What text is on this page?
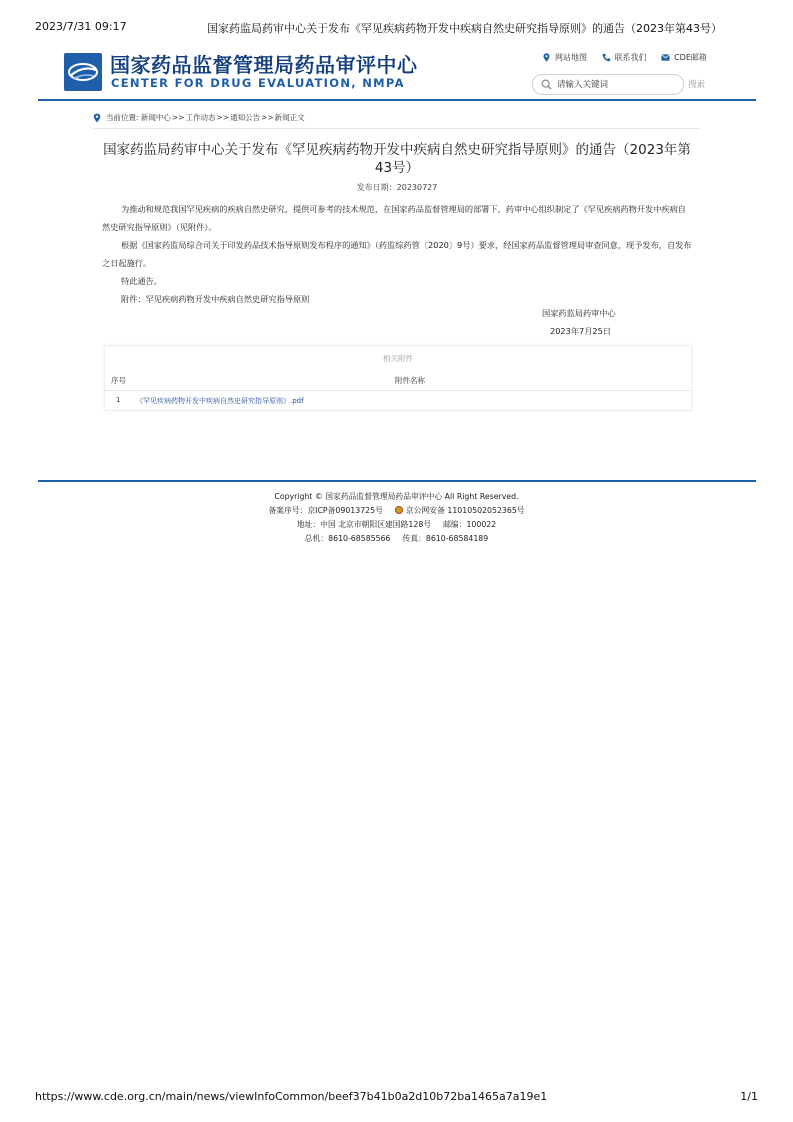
2023/7/31 09:17	国家药监局药审中心关于发布《罕见疾病药物开发中疾病自然史研究指导原则》的通告（2023年第43号）
国家药品监督管理局药品审评中心
CENTER FOR DRUG EVALUATION, NMPA
网站地图
	联系我们
	CDE邮箱
请输入关键词
搜索
当前位置:
新闻中心 >> 工作动态 >> 通知公告 >> 新闻正文
国家药监局药审中心关于发布《罕见疾病药物开发中疾病自然史研究指导原则》的通告（2023年第43号）
发布日期：20230727

为推动和规范我国罕见疾病的疾病自然史研究，提供可参考的技术规范，在国家药品监督管理局的部署下，药审中心组织制定了《罕见疾病药物开发中疾病自然史研究指导原则》（见附件）。

根据《国家药监局综合司关于印发药品技术指导原则发布程序的通知》（药监综药管〔2020〕9号）要求，经国家药品监督管理局审查同意，现予发布，自发布之日起施行。

特此通告。

附件：罕见疾病药物开发中疾病自然史研究指导原则

国家药监局药审中心
2023年7月25日
相关附件
序号	附件名称
1 《罕见疾病药物开发中疾病自然史研究指导原则》.pdf
Copyright © 国家药品监督管理局药品审评中心 All Right Reserved.
备案序号：京ICP备09013725号	京公网安备 11010502052365号
地址：中国 北京市朝阳区建国路128号 邮编：100022
总机：8610-68585566 传真：8610-68584189
https://www.cde.org.cn/main/news/viewInfoCommon/beef37b41b0a2d10b72ba1465a7a19e1	1/1
